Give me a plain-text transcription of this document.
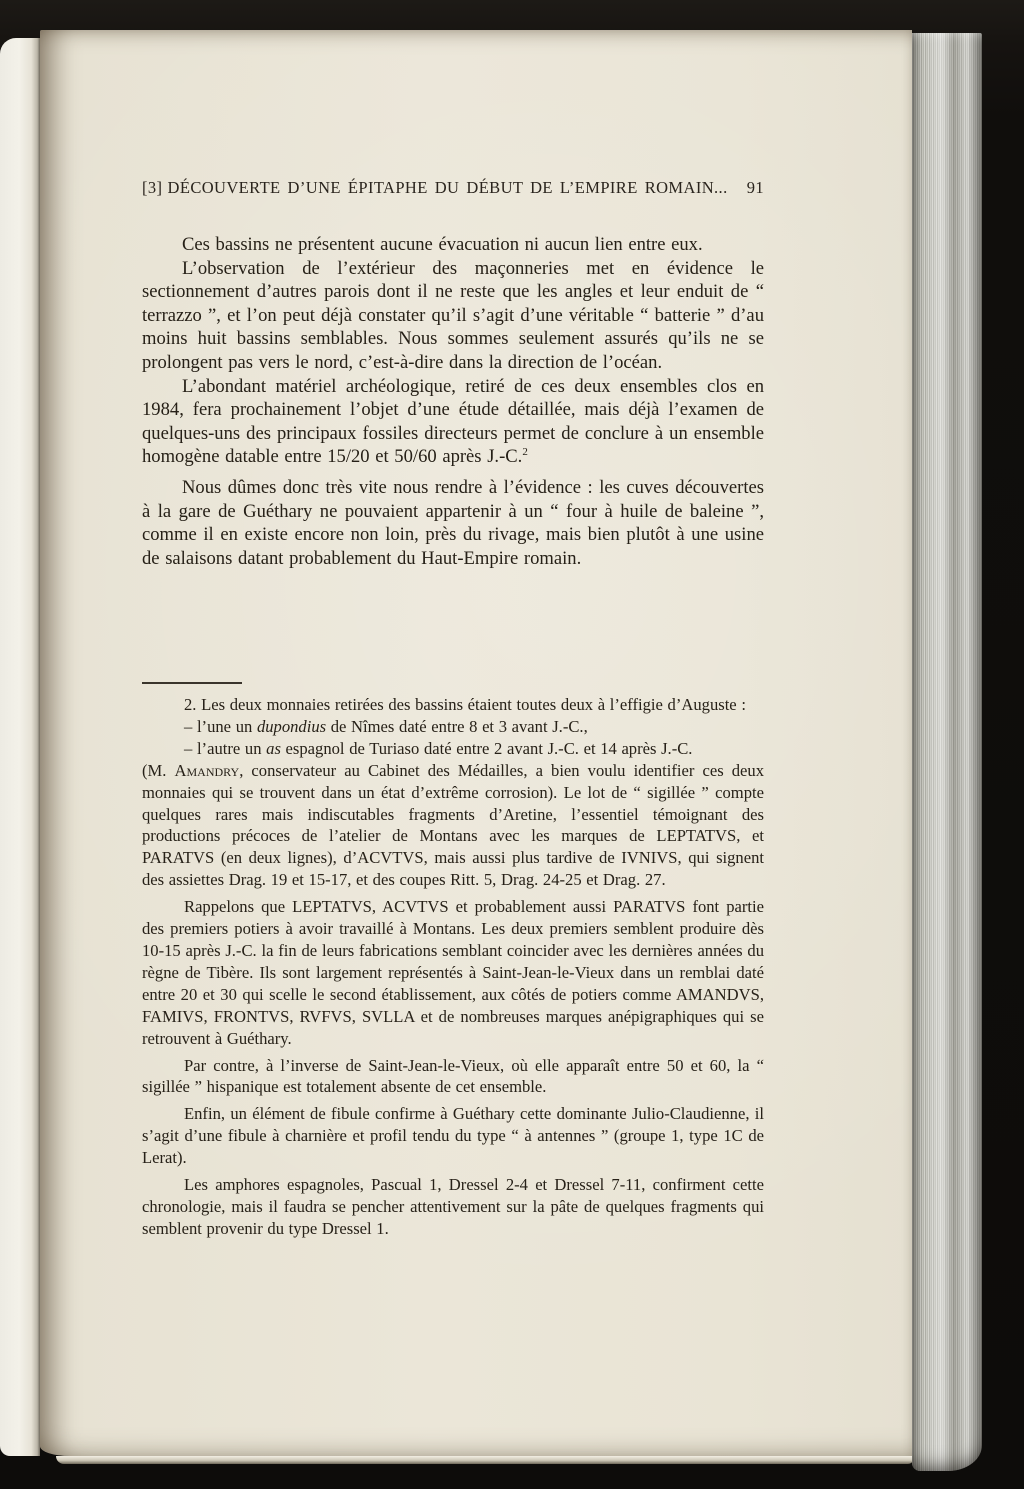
[3] DÉCOUVERTE D’UNE ÉPITAPHE DU DÉBUT DE L’EMPIRE ROMAIN...	91

Ces bassins ne présentent aucune évacuation ni aucun lien entre eux.

L’observation de l’extérieur des maçonneries met en évidence le sectionnement d’autres parois dont il ne reste que les angles et leur enduit de “ terrazzo ”, et l’on peut déjà constater qu’il s’agit d’une véritable “ batterie ” d’au moins huit bassins semblables. Nous sommes seulement assurés qu’ils ne se prolongent pas vers le nord, c’est-à-dire dans la direction de l’océan.

L’abondant matériel archéologique, retiré de ces deux ensembles clos en 1984, fera prochainement l’objet d’une étude détaillée, mais déjà l’examen de quelques-uns des principaux fossiles directeurs permet de conclure à un ensemble homogène datable entre 15/20 et 50/60 après J.-C.$^2$

Nous dûmes donc très vite nous rendre à l’évidence : les cuves découvertes à la gare de Guéthary ne pouvaient appartenir à un “ four à huile de baleine ”, comme il en existe encore non loin, près du rivage, mais bien plutôt à une usine de salaisons datant probablement du Haut-Empire romain.

2. Les deux monnaies retirées des bassins étaient toutes deux à l’effigie d’Auguste :

– l’une un dupondius de Nîmes daté entre 8 et 3 avant J.-C.,

– l’autre un as espagnol de Turiaso daté entre 2 avant J.-C. et 14 après J.-C.

(M. Amandry, conservateur au Cabinet des Médailles, a bien voulu identifier ces deux monnaies qui se trouvent dans un état d’extrême corrosion). Le lot de “ sigillée ” compte quelques rares mais indiscutables fragments d’Aretine, l’essentiel témoignant des productions précoces de l’atelier de Montans avec les marques de LEPTATVS, et PARATVS (en deux lignes), d’ACVTVS, mais aussi plus tardive de IVNIVS, qui signent des assiettes Drag. 19 et 15-17, et des coupes Ritt. 5, Drag. 24-25 et Drag. 27.

Rappelons que LEPTATVS, ACVTVS et probablement aussi PARATVS font partie des premiers potiers à avoir travaillé à Montans. Les deux premiers semblent produire dès 10-15 après J.-C. la fin de leurs fabrications semblant coincider avec les dernières années du règne de Tibère. Ils sont largement représentés à Saint-Jean-le-Vieux dans un remblai daté entre 20 et 30 qui scelle le second établissement, aux côtés de potiers comme AMANDVS, FAMIVS, FRONTVS, RVFVS, SVLLA et de nombreuses marques anépigraphiques qui se retrouvent à Guéthary.

Par contre, à l’inverse de Saint-Jean-le-Vieux, où elle apparaît entre 50 et 60, la “ sigillée ” hispanique est totalement absente de cet ensemble.

Enfin, un élément de fibule confirme à Guéthary cette dominante Julio-Claudienne, il s’agit d’une fibule à charnière et profil tendu du type “ à antennes ” (groupe 1, type 1C de Lerat).

Les amphores espagnoles, Pascual 1, Dressel 2-4 et Dressel 7-11, confirment cette chronologie, mais il faudra se pencher attentivement sur la pâte de quelques fragments qui semblent provenir du type Dressel 1.
